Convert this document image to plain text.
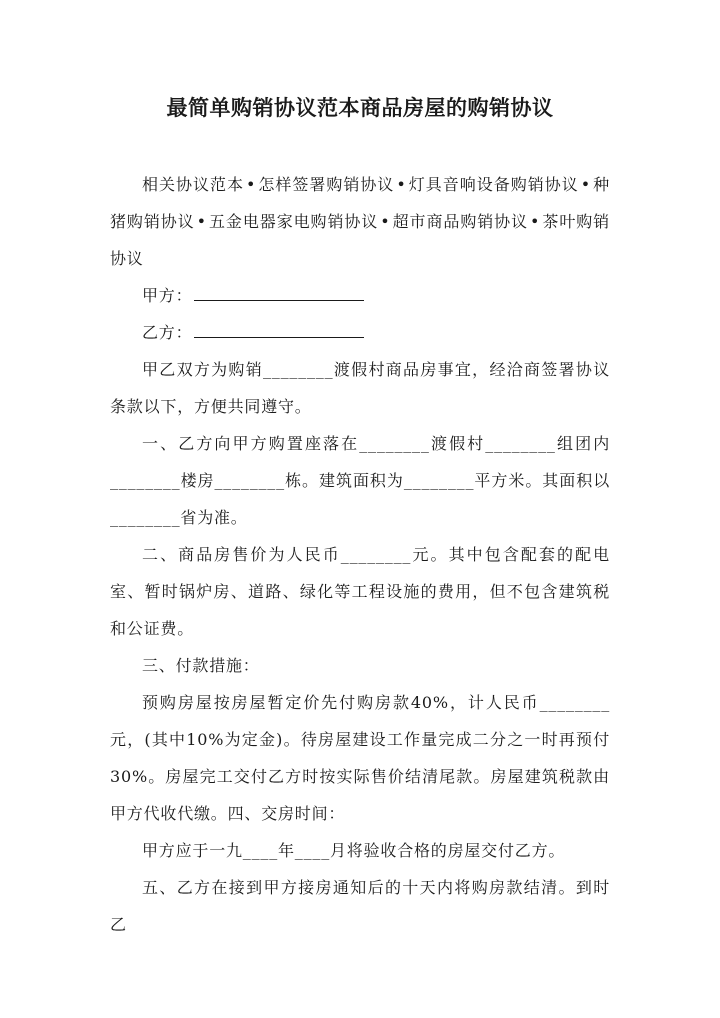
最简单购销协议范本商品房屋的购销协议

相关协议范本 • 怎样签署购销协议 • 灯具音响设备购销协议 • 种猪购销协议 • 五金电器家电购销协议 • 超市商品购销协议 • 茶叶购销协议

甲方：

乙方：

甲乙双方为购销________渡假村商品房事宜，经洽商签署协议条款以下，方便共同遵守。

一、乙方向甲方购置座落在________渡假村________组团内________楼房________栋。建筑面积为________平方米。其面积以________省为准。

二、商品房售价为人民币________元。其中包含配套的配电室、暂时锅炉房、道路、绿化等工程设施的费用，但不包含建筑税和公证费。

三、付款措施：

预购房屋按房屋暂定价先付购房款40%，计人民币________元，(其中10%为定金)。待房屋建设工作量完成二分之一时再预付30%。房屋完工交付乙方时按实际售价结清尾款。房屋建筑税款由甲方代收代缴。四、交房时间：

甲方应于一九____年____月将验收合格的房屋交付乙方。

五、乙方在接到甲方接房通知后的十天内将购房款结清。到时乙
